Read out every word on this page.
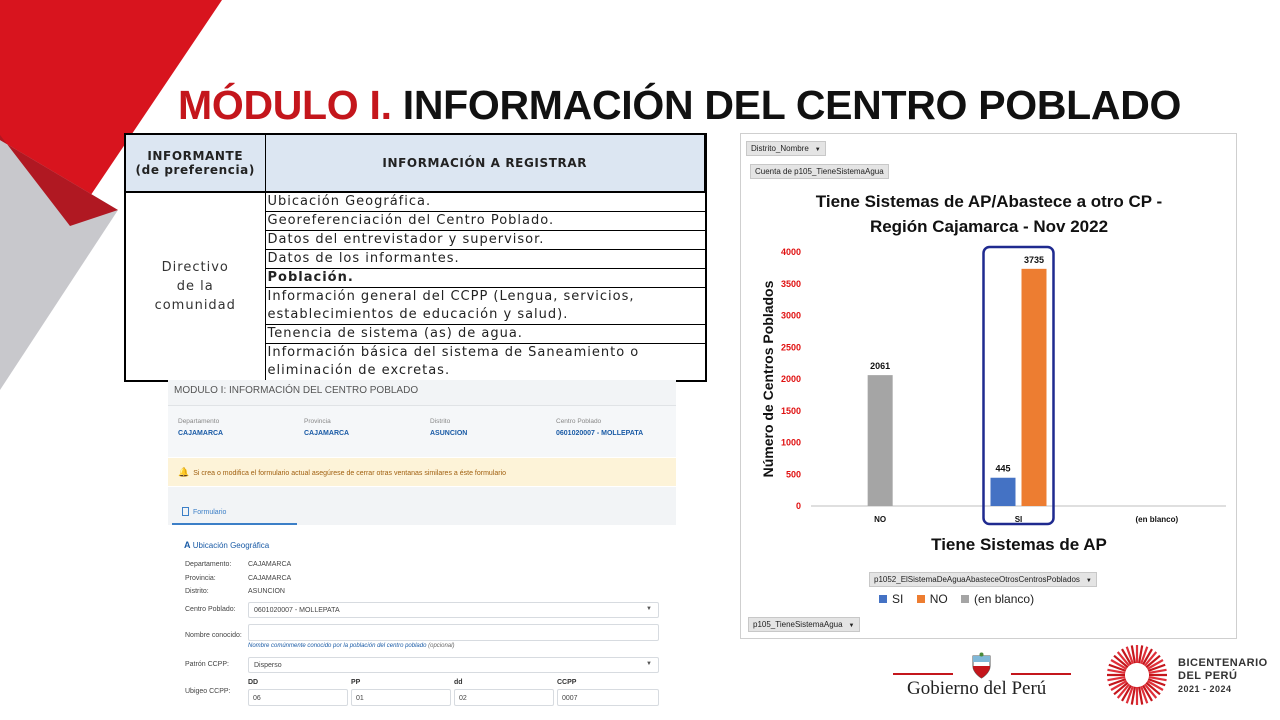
MÓDULO I. INFORMACIÓN DEL CENTRO POBLADO
INFORMANTE
(de preferencia)	INFORMACIÓN A REGISTRAR

Directivo
de la
comunidad	Ubicación Geográfica.
	Georeferenciación del Centro Poblado.
	Datos del entrevistador y supervisor.
	Datos de los informantes.
	Población.
	Información general del CCPP (Lengua, servicios, establecimientos de educación y salud).
	Tenencia de sistema (as) de agua.
	Información básica del sistema de Saneamiento o eliminación de excretas.
MODULO I: INFORMACIÓN DEL CENTRO POBLADO
Departamento
CAJAMARCA
Provincia
CAJAMARCA
Distrito
ASUNCION
Centro Poblado
0601020007 - MOLLEPATA
🔔 Si crea o modifica el formulario actual asegúrese de cerrar otras ventanas similares a éste formulario
Formulario
A Ubicación Geográfica
Departamento: CAJAMARCA
Provincia:	CAJAMARCA
Distrito:	ASUNCION
Centro Poblado:	0601020007 - MOLLEPATA	▼
Nombre conocido:
Nombre comúnmente conocido por la población del centro poblado (opcional)
Patrón CCPP:	Disperso	▼
Ubigeo CCPP:
DD
06
PP
01
dd
02
CCPP
0007
Distrito_Nombre ▼
Cuenta de p105_TieneSistemaAgua
Tiene Sistemas de AP/Abastece a otro CP -
Región Cajamarca - Nov 2022
0
500
1000
1500
2000
2500
3000
3500
4000
Número de Centros Poblados
NO
2061
SI
445
3735
(en blanco)
Tiene Sistemas de AP
p1052_ElSistemaDeAguaAbasteceOtrosCentrosPoblados ▼
SI NO (en blanco)
p105_TieneSistemaAgua ▼
Gobierno del Perú
BICENTENARIO
DEL PERÚ
2021 - 2024
